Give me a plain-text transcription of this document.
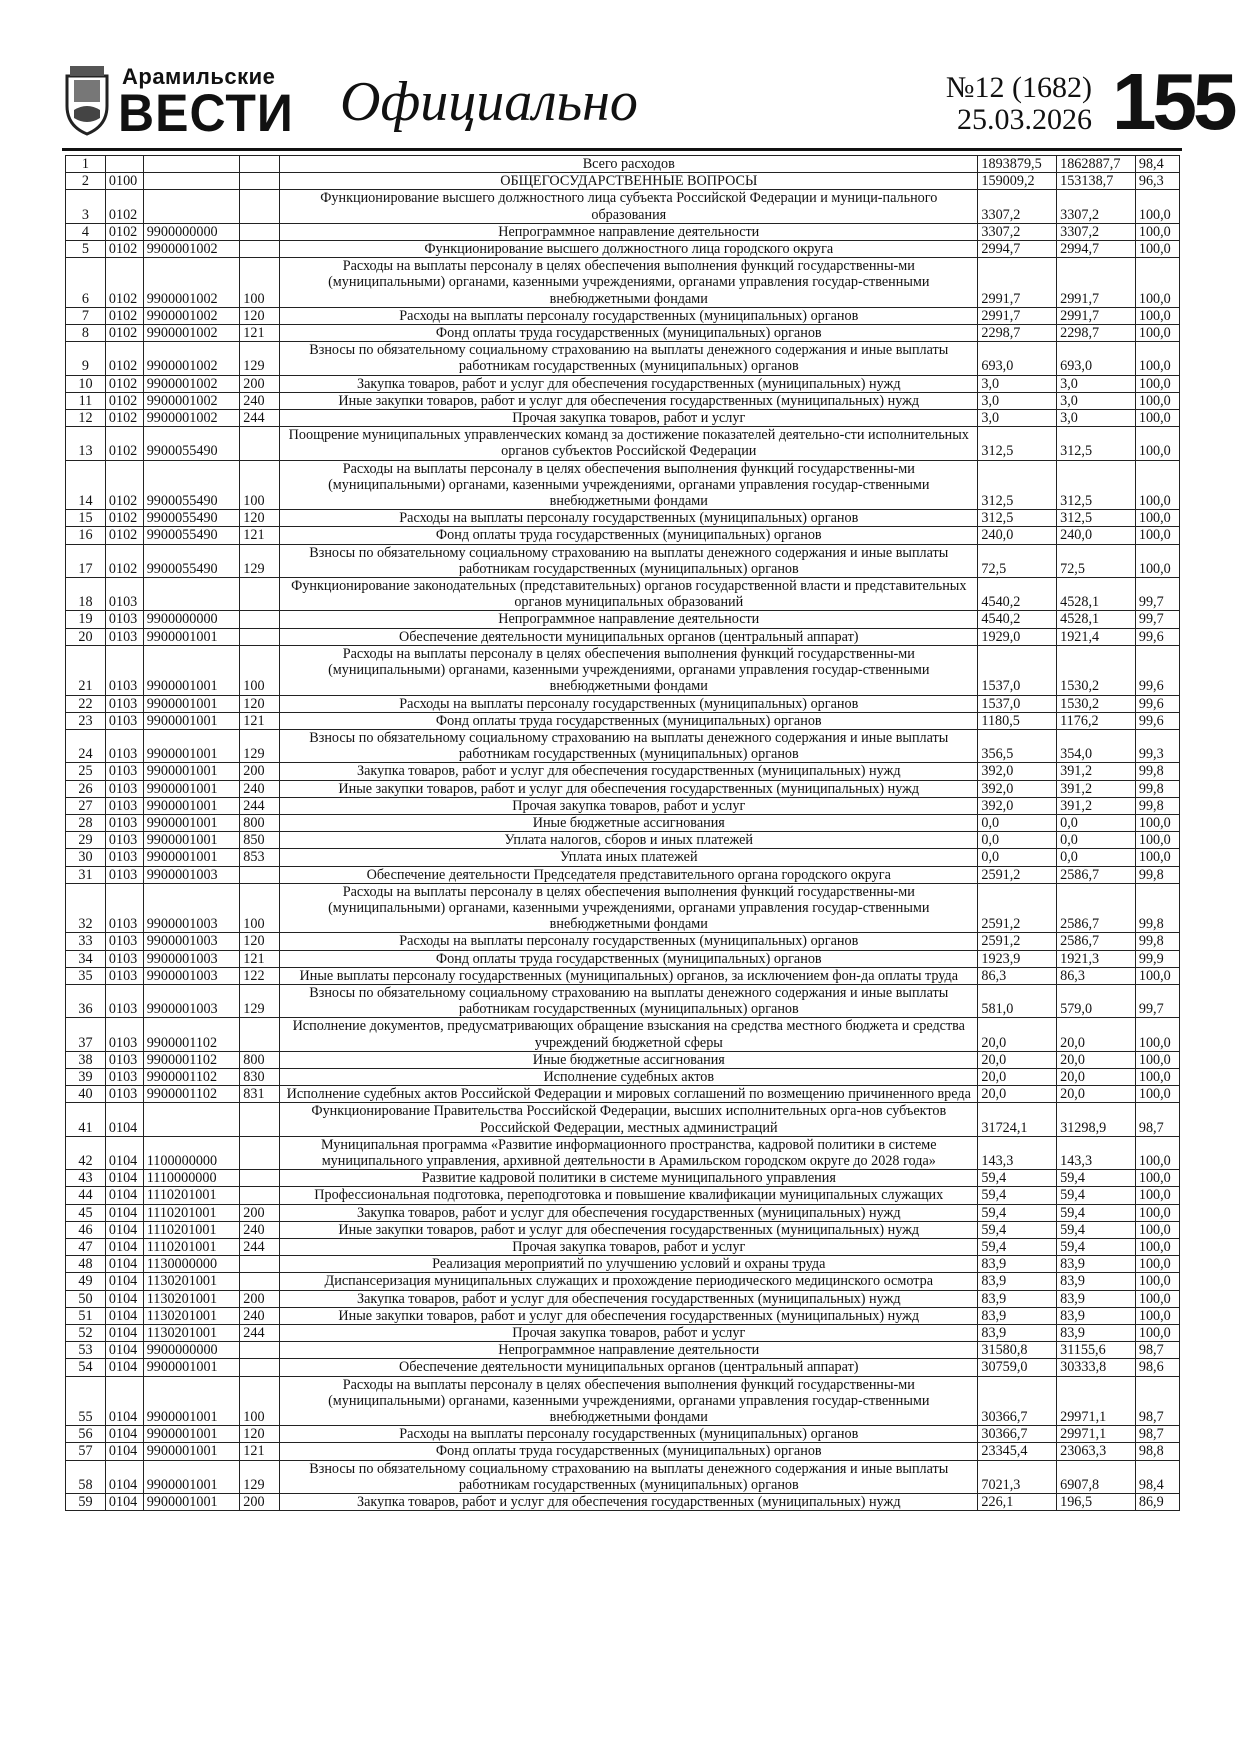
Арамильские
ВЕСТИ Официально	№12 (1682)
25.03.2026 155
1				Всего расходов	1893879,5	1862887,7	98,4
2	0100			ОБЩЕГОСУДАРСТВЕННЫЕ ВОПРОСЫ	159009,2	153138,7	96,3
3	0102			Функционирование высшего должностного лица субъекта Российской Федерации и муници-пального образования	3307,2	3307,2	100,0
4	0102	9900000000		Непрограммное направление деятельности	3307,2	3307,2	100,0
5	0102	9900001002		Функционирование высшего должностного лица городского округа	2994,7	2994,7	100,0
6	0102	9900001002	100	Расходы на выплаты персоналу в целях обеспечения выполнения функций государственны-ми (муниципальными) органами, казенными учреждениями, органами управления государ-ственными внебюджетными фондами	2991,7	2991,7	100,0
7	0102	9900001002	120	Расходы на выплаты персоналу государственных (муниципальных) органов	2991,7	2991,7	100,0
8	0102	9900001002	121	Фонд оплаты труда государственных (муниципальных) органов	2298,7	2298,7	100,0
9	0102	9900001002	129	Взносы по обязательному социальному страхованию на выплаты денежного содержания и иные выплаты работникам государственных (муниципальных) органов	693,0	693,0	100,0
10	0102	9900001002	200	Закупка товаров, работ и услуг для обеспечения государственных (муниципальных) нужд	3,0	3,0	100,0
11	0102	9900001002	240	Иные закупки товаров, работ и услуг для обеспечения государственных (муниципальных) нужд	3,0	3,0	100,0
12	0102	9900001002	244	Прочая закупка товаров, работ и услуг	3,0	3,0	100,0
13	0102	9900055490		Поощрение муниципальных управленческих команд за достижение показателей деятельно-сти исполнительных органов субъектов Российской Федерации	312,5	312,5	100,0
14	0102	9900055490	100	Расходы на выплаты персоналу в целях обеспечения выполнения функций государственны-ми (муниципальными) органами, казенными учреждениями, органами управления государ-ственными внебюджетными фондами	312,5	312,5	100,0
15	0102	9900055490	120	Расходы на выплаты персоналу государственных (муниципальных) органов	312,5	312,5	100,0
16	0102	9900055490	121	Фонд оплаты труда государственных (муниципальных) органов	240,0	240,0	100,0
17	0102	9900055490	129	Взносы по обязательному социальному страхованию на выплаты денежного содержания и иные выплаты работникам государственных (муниципальных) органов	72,5	72,5	100,0
18	0103			Функционирование законодательных (представительных) органов государственной власти и представительных органов муниципальных образований	4540,2	4528,1	99,7
19	0103	9900000000		Непрограммное направление деятельности	4540,2	4528,1	99,7
20	0103	9900001001		Обеспечение деятельности муниципальных органов (центральный аппарат)	1929,0	1921,4	99,6
21	0103	9900001001	100	Расходы на выплаты персоналу в целях обеспечения выполнения функций государственны-ми (муниципальными) органами, казенными учреждениями, органами управления государ-ственными внебюджетными фондами	1537,0	1530,2	99,6
22	0103	9900001001	120	Расходы на выплаты персоналу государственных (муниципальных) органов	1537,0	1530,2	99,6
23	0103	9900001001	121	Фонд оплаты труда государственных (муниципальных) органов	1180,5	1176,2	99,6
24	0103	9900001001	129	Взносы по обязательному социальному страхованию на выплаты денежного содержания и иные выплаты работникам государственных (муниципальных) органов	356,5	354,0	99,3
25	0103	9900001001	200	Закупка товаров, работ и услуг для обеспечения государственных (муниципальных) нужд	392,0	391,2	99,8
26	0103	9900001001	240	Иные закупки товаров, работ и услуг для обеспечения государственных (муниципальных) нужд	392,0	391,2	99,8
27	0103	9900001001	244	Прочая закупка товаров, работ и услуг	392,0	391,2	99,8
28	0103	9900001001	800	Иные бюджетные ассигнования	0,0	0,0	100,0
29	0103	9900001001	850	Уплата налогов, сборов и иных платежей	0,0	0,0	100,0
30	0103	9900001001	853	Уплата иных платежей	0,0	0,0	100,0
31	0103	9900001003		Обеспечение деятельности Председателя представительного органа городского округа	2591,2	2586,7	99,8
32	0103	9900001003	100	Расходы на выплаты персоналу в целях обеспечения выполнения функций государственны-ми (муниципальными) органами, казенными учреждениями, органами управления государ-ственными внебюджетными фондами	2591,2	2586,7	99,8
33	0103	9900001003	120	Расходы на выплаты персоналу государственных (муниципальных) органов	2591,2	2586,7	99,8
34	0103	9900001003	121	Фонд оплаты труда государственных (муниципальных) органов	1923,9	1921,3	99,9
35	0103	9900001003	122	Иные выплаты персоналу государственных (муниципальных) органов, за исключением фон-да оплаты труда	86,3	86,3	100,0
36	0103	9900001003	129	Взносы по обязательному социальному страхованию на выплаты денежного содержания и иные выплаты работникам государственных (муниципальных) органов	581,0	579,0	99,7
37	0103	9900001102		Исполнение документов, предусматривающих обращение взыскания на средства местного бюджета и средства учреждений бюджетной сферы	20,0	20,0	100,0
38	0103	9900001102	800	Иные бюджетные ассигнования	20,0	20,0	100,0
39	0103	9900001102	830	Исполнение судебных актов	20,0	20,0	100,0
40	0103	9900001102	831	Исполнение судебных актов Российской Федерации и мировых соглашений по возмещению причиненного вреда	20,0	20,0	100,0
41	0104			Функционирование Правительства Российской Федерации, высших исполнительных орга-нов субъектов Российской Федерации, местных администраций	31724,1	31298,9	98,7
42	0104	1100000000		Муниципальная программа «Развитие информационного пространства, кадровой политики в системе муниципального управления, архивной деятельности в Арамильском городском округе до 2028 года»	143,3	143,3	100,0
43	0104	1110000000		Развитие кадровой политики в системе муниципального управления	59,4	59,4	100,0
44	0104	1110201001		Профессиональная подготовка, переподготовка и повышение квалификации муниципальных служащих	59,4	59,4	100,0
45	0104	1110201001	200	Закупка товаров, работ и услуг для обеспечения государственных (муниципальных) нужд	59,4	59,4	100,0
46	0104	1110201001	240	Иные закупки товаров, работ и услуг для обеспечения государственных (муниципальных) нужд	59,4	59,4	100,0
47	0104	1110201001	244	Прочая закупка товаров, работ и услуг	59,4	59,4	100,0
48	0104	1130000000		Реализация мероприятий по улучшению условий и охраны труда	83,9	83,9	100,0
49	0104	1130201001		Диспансеризация муниципальных служащих и прохождение периодического медицинского осмотра	83,9	83,9	100,0
50	0104	1130201001	200	Закупка товаров, работ и услуг для обеспечения государственных (муниципальных) нужд	83,9	83,9	100,0
51	0104	1130201001	240	Иные закупки товаров, работ и услуг для обеспечения государственных (муниципальных) нужд	83,9	83,9	100,0
52	0104	1130201001	244	Прочая закупка товаров, работ и услуг	83,9	83,9	100,0
53	0104	9900000000		Непрограммное направление деятельности	31580,8	31155,6	98,7
54	0104	9900001001		Обеспечение деятельности муниципальных органов (центральный аппарат)	30759,0	30333,8	98,6
55	0104	9900001001	100	Расходы на выплаты персоналу в целях обеспечения выполнения функций государственны-ми (муниципальными) органами, казенными учреждениями, органами управления государ-ственными внебюджетными фондами	30366,7	29971,1	98,7
56	0104	9900001001	120	Расходы на выплаты персоналу государственных (муниципальных) органов	30366,7	29971,1	98,7
57	0104	9900001001	121	Фонд оплаты труда государственных (муниципальных) органов	23345,4	23063,3	98,8
58	0104	9900001001	129	Взносы по обязательному социальному страхованию на выплаты денежного содержания и иные выплаты работникам государственных (муниципальных) органов	7021,3	6907,8	98,4
59	0104	9900001001	200	Закупка товаров, работ и услуг для обеспечения государственных (муниципальных) нужд	226,1	196,5	86,9
